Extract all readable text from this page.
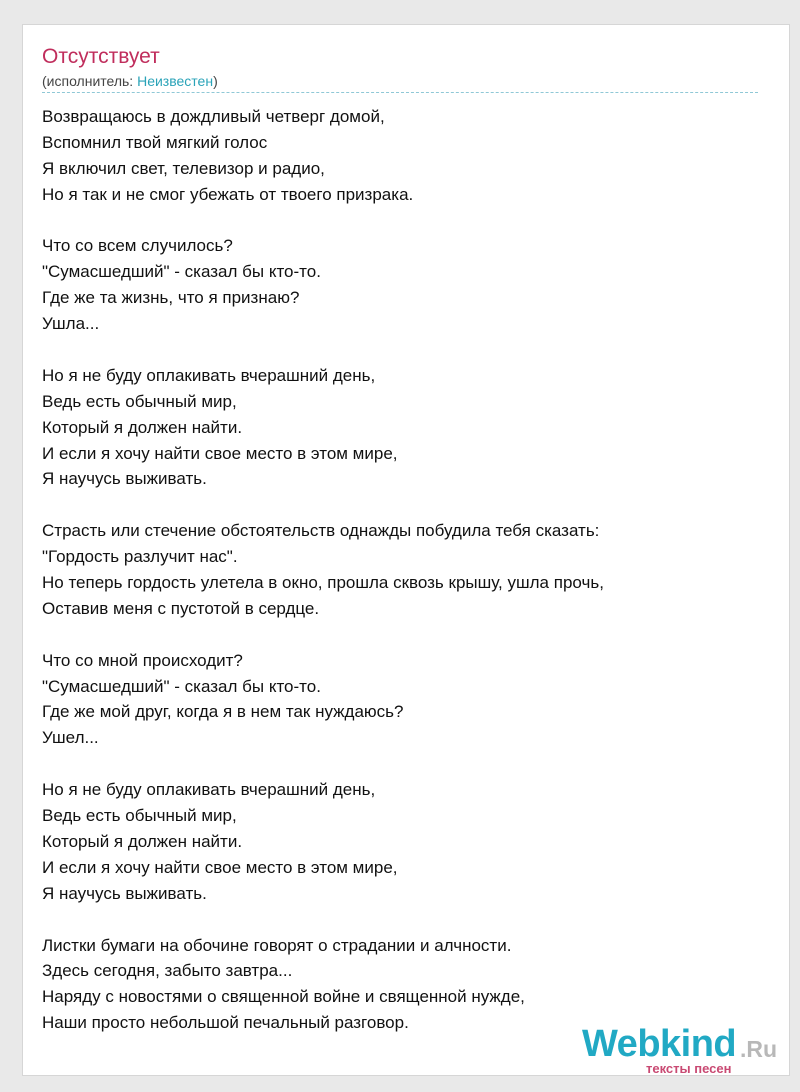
Отсутствует
(исполнитель: Неизвестен)
Возвращаюсь в дождливый четверг домой,
Вспомнил твой мягкий голос
Я включил свет, телевизор и радио,
Но я так и не смог убежать от твоего призрака.
Что со всем случилось?
"Сумасшедший" - сказал бы кто-то.
Где же та жизнь, что я признаю?
Ушла...
Но я не буду оплакивать вчерашний день,
Ведь есть обычный мир,
Который я должен найти.
И если я хочу найти свое место в этом мире,
Я научусь выживать.
Страсть или стечение обстоятельств однажды побудила тебя сказать:
"Гордость разлучит нас".
Но теперь гордость улетела в окно, прошла сквозь крышу, ушла прочь,
Оставив меня с пустотой в сердце.
Что со мной происходит?
"Сумасшедший" - сказал бы кто-то.
Где же мой друг, когда я в нем так нуждаюсь?
Ушел...
Но я не буду оплакивать вчерашний день,
Ведь есть обычный мир,
Который я должен найти.
И если я хочу найти свое место в этом мире,
Я научусь выживать.
Листки бумаги на обочине говорят о страдании и алчности.
Здесь сегодня, забыто завтра...
Наряду с новостями о священной войне и священной нужде,
Наши просто небольшой печальный разговор.
Webkind .Ru
тексты песен
